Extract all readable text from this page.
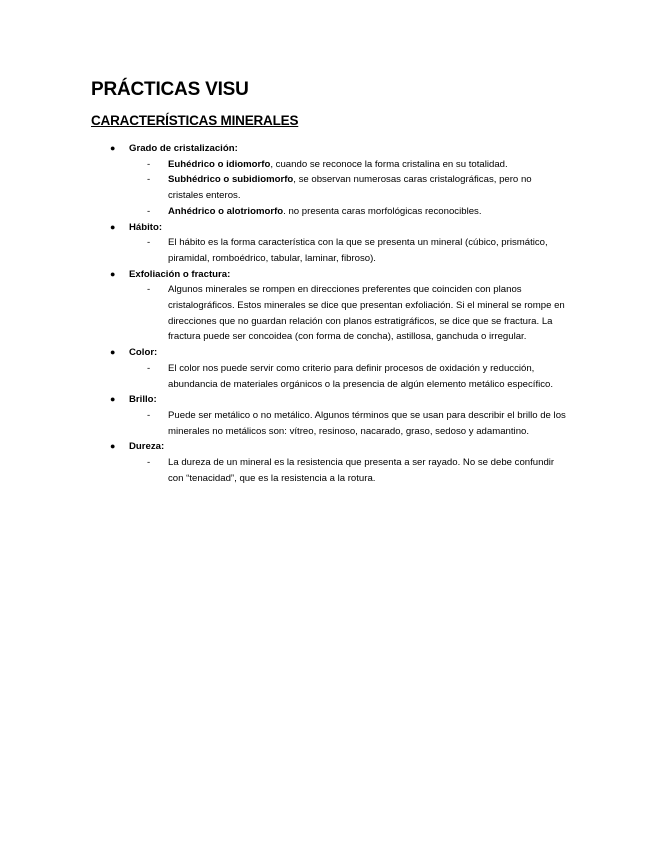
PRÁCTICAS VISU
CARACTERÍSTICAS MINERALES
● Grado de cristalización:
- Euhédrico o idiomorfo, cuando se reconoce la forma cristalina en su totalidad.
- Subhédrico o subidiomorfo, se observan numerosas caras cristalográficas, pero no cristales enteros.
- Anhédrico o alotriomorfo. no presenta caras morfológicas reconocibles.
● Hábito:
- El hábito es la forma característica con la que se presenta un mineral (cúbico, prismático, piramidal, romboédrico, tabular, laminar, fibroso).
● Exfoliación o fractura:
- Algunos minerales se rompen en direcciones preferentes que coinciden con planos cristalográficos. Estos minerales se dice que presentan exfoliación. Si el mineral se rompe en direcciones que no guardan relación con planos estratigráficos, se dice que se fractura. La fractura puede ser concoidea (con forma de concha), astillosa, ganchuda o irregular.
● Color:
- El color nos puede servir como criterio para definir procesos de oxidación y reducción, abundancia de materiales orgánicos o la presencia de algún elemento metálico específico.
● Brillo:
- Puede ser metálico o no metálico. Algunos términos que se usan para describir el brillo de los minerales no metálicos son: vítreo, resinoso, nacarado, graso, sedoso y adamantino.
● Dureza:
- La dureza de un mineral es la resistencia que presenta a ser rayado. No se debe confundir con “tenacidad”, que es la resistencia a la rotura.
